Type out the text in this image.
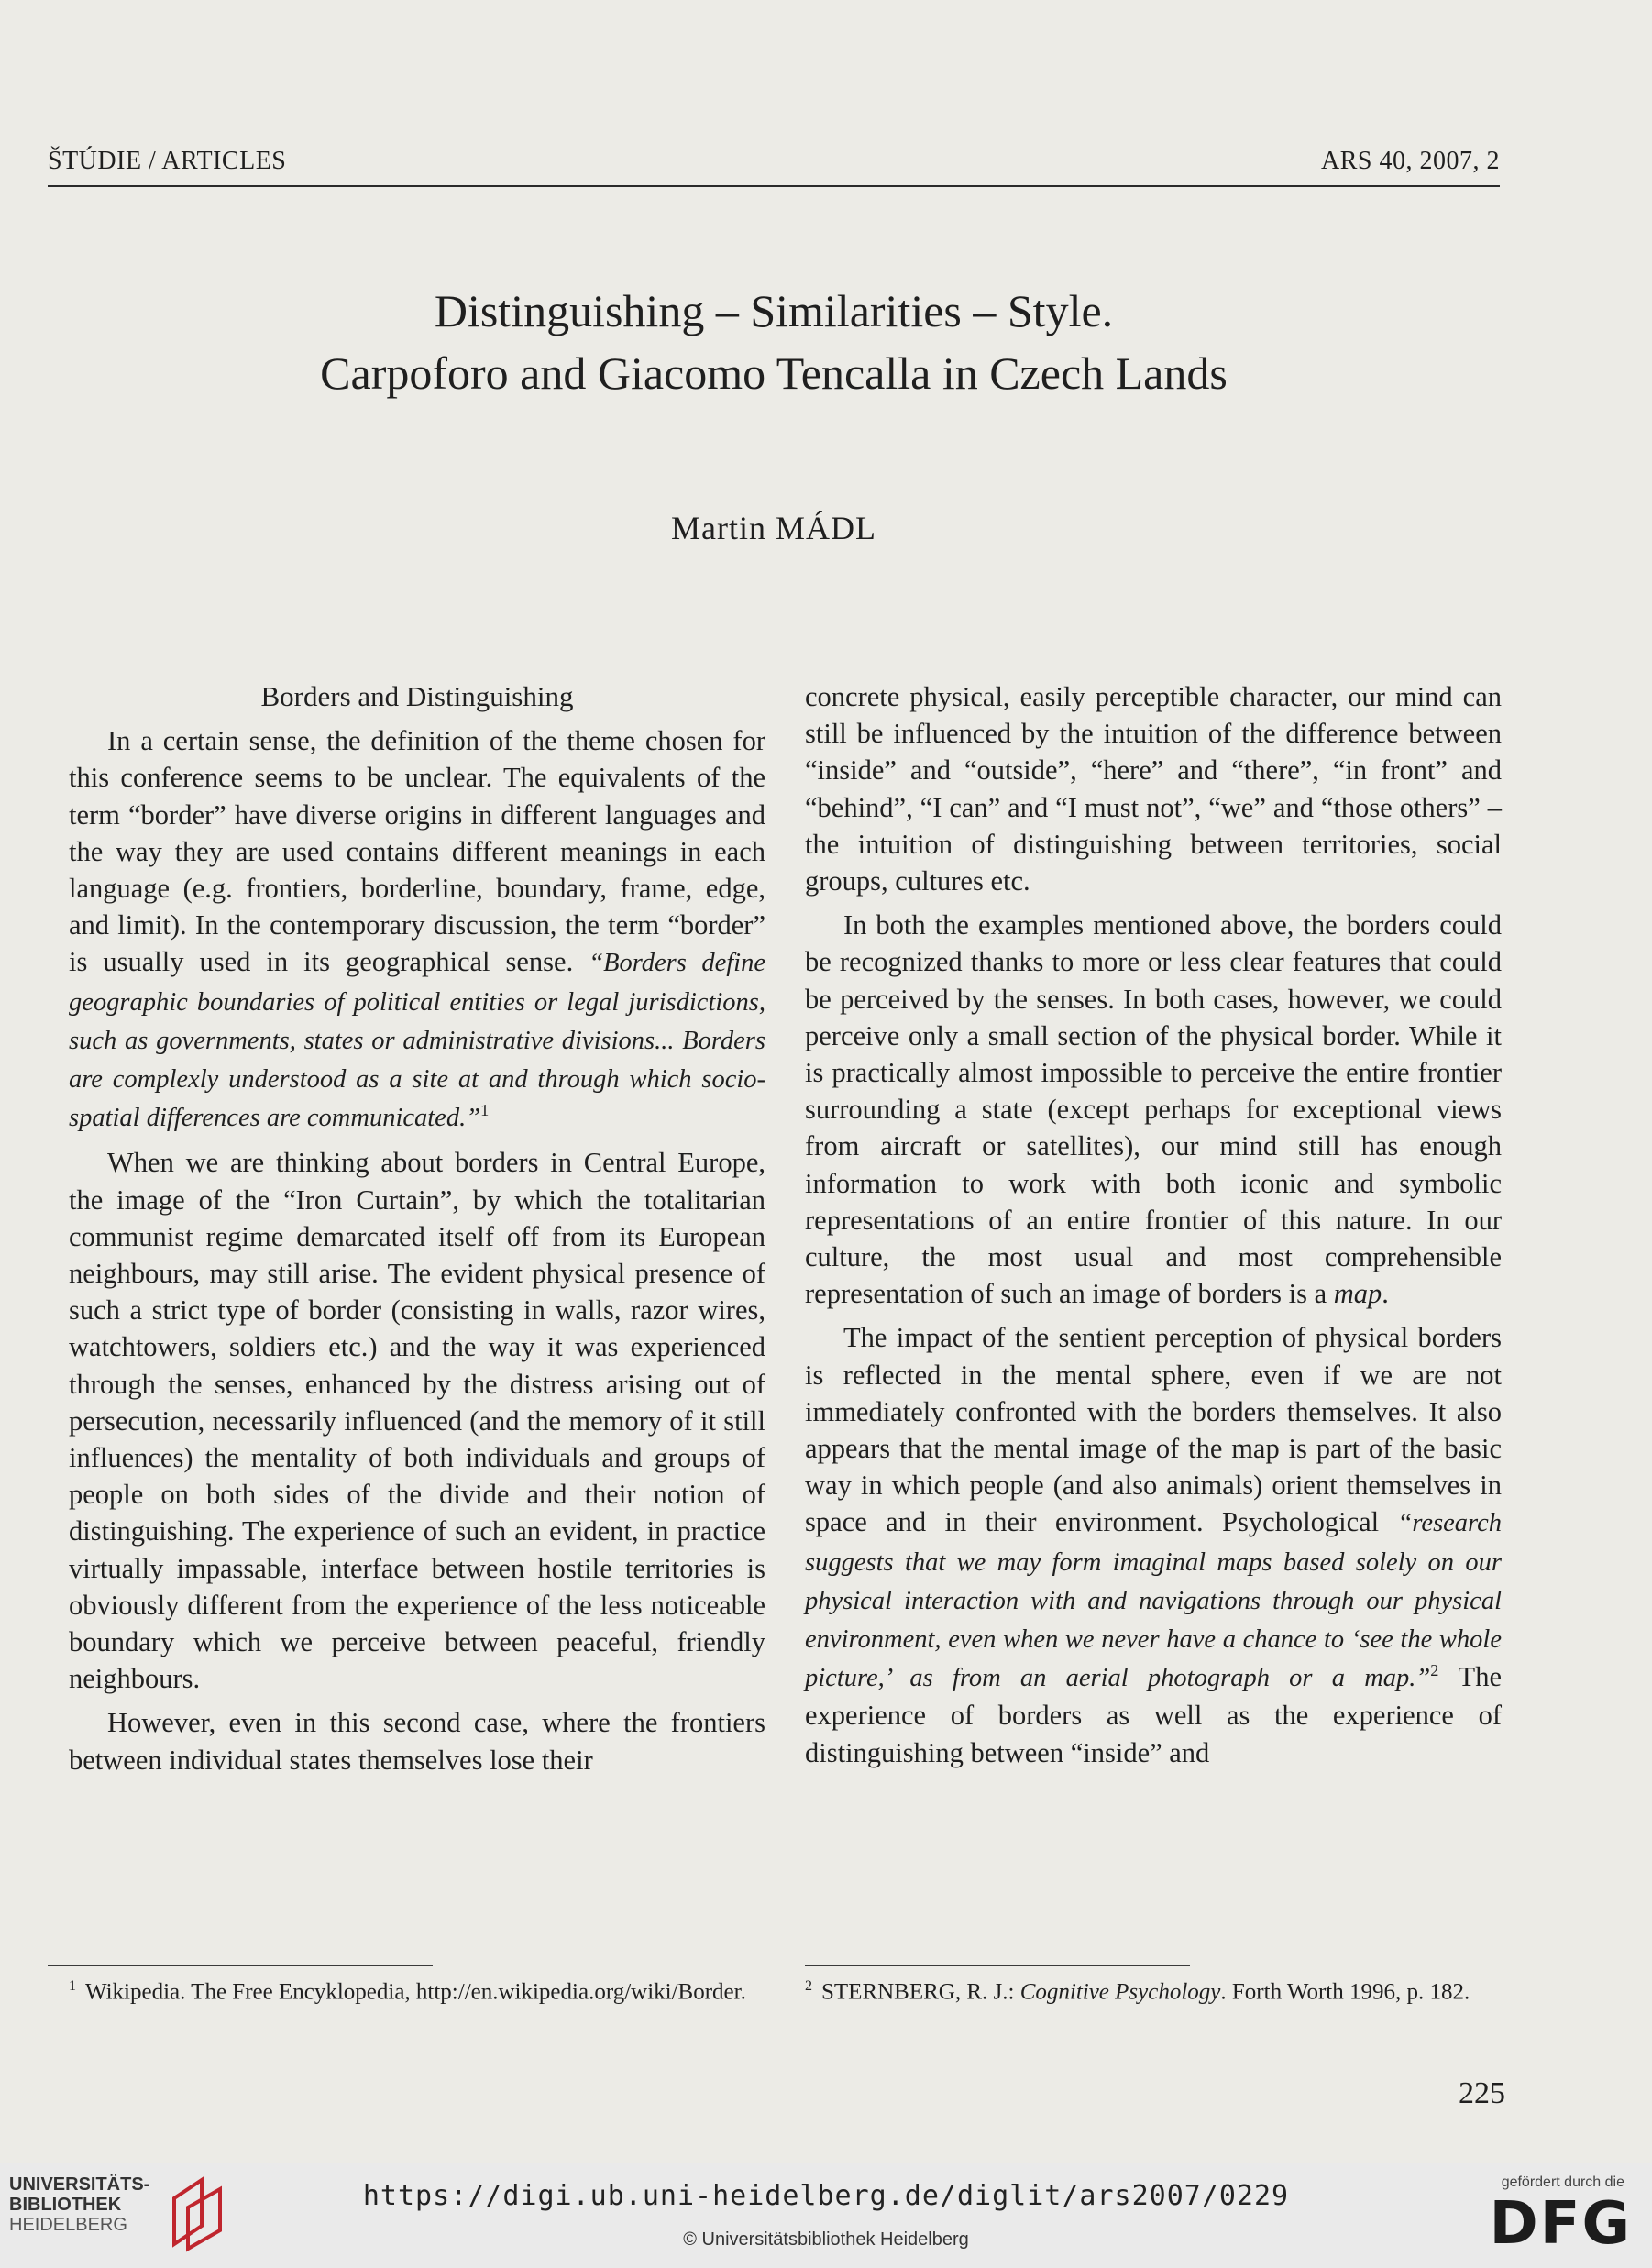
ŠTÚDIE / ARTICLES	ARS 40, 2007, 2
Distinguishing – Similarities – Style.
Carpoforo and Giacomo Tencalla in Czech Lands
Martin MÁDL

Borders and Distinguishing

In a certain sense, the definition of the theme chosen for this conference seems to be unclear. The equivalents of the term “border” have diverse origins in different languages and the way they are used contains different meanings in each language (e.g. frontiers, borderline, boundary, frame, edge, and limit). In the contemporary discussion, the term “border” is usually used in its geographical sense. “Borders define geographic boundaries of political entities or legal jurisdictions, such as governments, states or administrative divisions... Borders are complexly understood as a site at and through which socio-spatial differences are communicated.”$^1$

When we are thinking about borders in Central Europe, the image of the “Iron Curtain”, by which the totalitarian communist regime demarcated itself off from its European neighbours, may still arise. The evident physical presence of such a strict type of border (consisting in walls, razor wires, watchtowers, soldiers etc.) and the way it was experienced through the senses, enhanced by the distress arising out of persecution, necessarily influenced (and the memory of it still influences) the mentality of both individuals and groups of people on both sides of the divide and their notion of distinguishing. The experience of such an evident, in practice virtually impassable, interface between hostile territories is obviously different from the experience of the less noticeable boundary which we perceive between peaceful, friendly neighbours.

However, even in this second case, where the frontiers between individual states themselves lose their

concrete physical, easily perceptible character, our mind can still be influenced by the intuition of the difference between “inside” and “outside”, “here” and “there”, “in front” and “behind”, “I can” and “I must not”, “we” and “those others” – the intuition of distinguishing between territories, social groups, cultures etc.

In both the examples mentioned above, the borders could be recognized thanks to more or less clear features that could be perceived by the senses. In both cases, however, we could perceive only a small section of the physical border. While it is practically almost impossible to perceive the entire frontier surrounding a state (except perhaps for exceptional views from aircraft or satellites), our mind still has enough information to work with both iconic and symbolic representations of an entire frontier of this nature. In our culture, the most usual and most comprehensible representation of such an image of borders is a map.

The impact of the sentient perception of physical borders is reflected in the mental sphere, even if we are not immediately confronted with the borders themselves. It also appears that the mental image of the map is part of the basic way in which people (and also animals) orient themselves in space and in their environment. Psychological “research suggests that we may form imaginal maps based solely on our physical interaction with and navigations through our physical environment, even when we never have a chance to ‘see the whole picture,’ as from an aerial photograph or a map.”$^2$ The experience of borders as well as the experience of distinguishing between “inside” and

$^1$ Wikipedia. The Free Encyklopedia, http://en.wikipedia.org/wiki/Border.	$^2$ STERNBERG, R. J.: Cognitive Psychology. Forth Worth 1996, p. 182.
225
UNIVERSITÄTS-
BIBLIOTHEK
HEIDELBERG
https://digi.ub.uni-heidelberg.de/diglit/ars2007/0229
© Universitätsbibliothek Heidelberg
gefördert durch die
DFG
